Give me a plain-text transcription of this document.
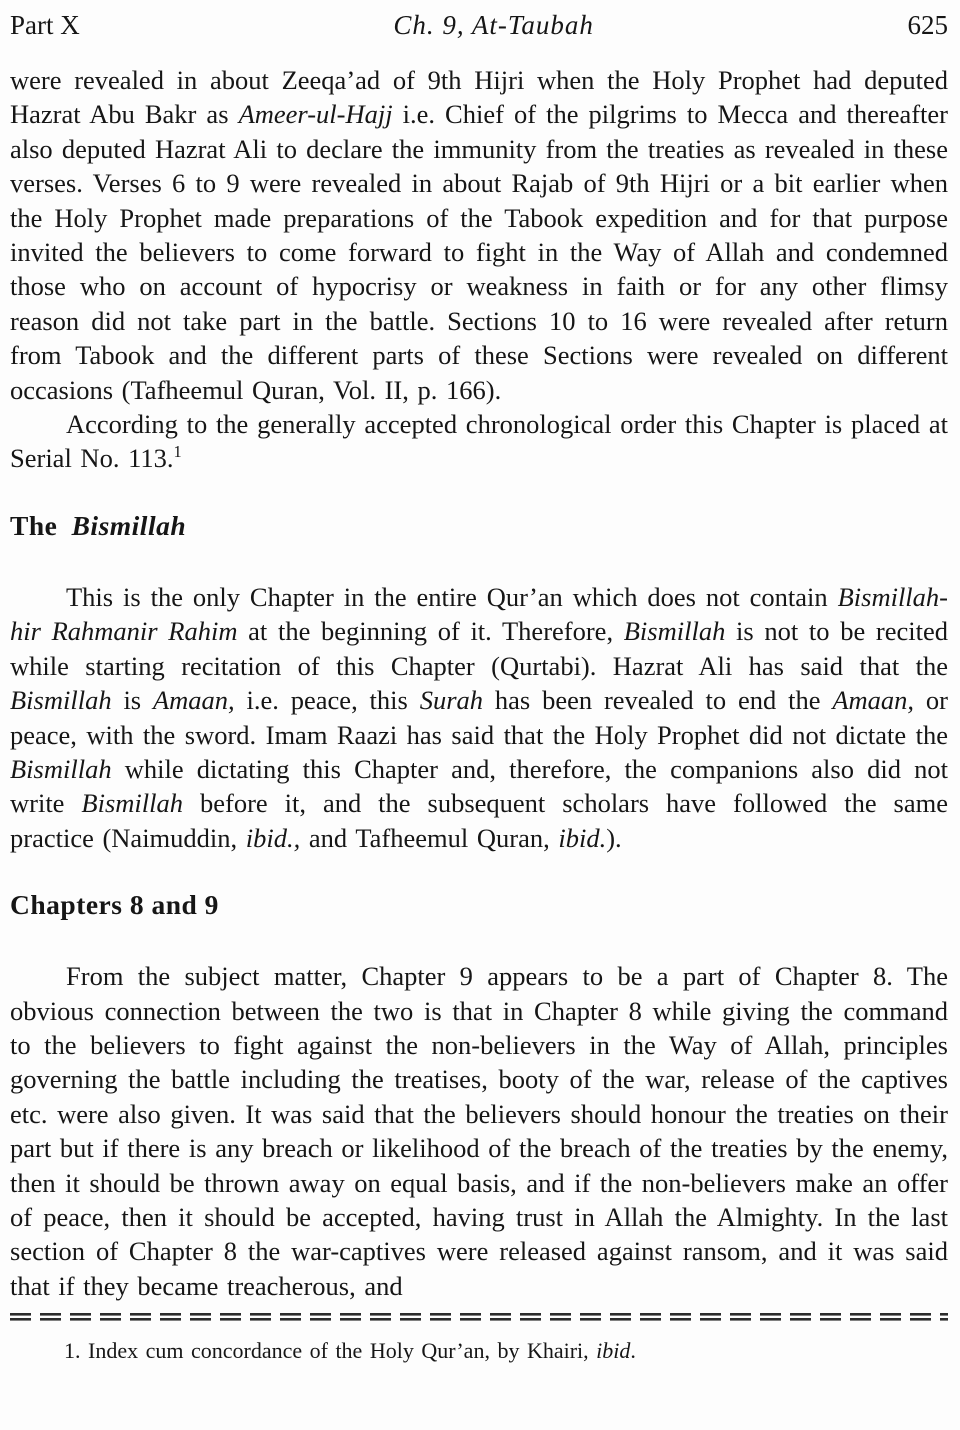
Part X	Ch. 9, At-Taubah	625

were revealed in about Zeeqa’ad of 9th Hijri when the Holy Prophet had deputed Hazrat Abu Bakr as Ameer-ul-Hajj i.e. Chief of the pilgrims to Mecca and thereafter also deputed Hazrat Ali to declare the immunity from the treaties as revealed in these verses. Verses 6 to 9 were revealed in about Rajab of 9th Hijri or a bit earlier when the Holy Prophet made preparations of the Tabook expedition and for that purpose invited the believers to come forward to fight in the Way of Allah and condemned those who on account of hypocrisy or weakness in faith or for any other flimsy reason did not take part in the battle. Sections 10 to 16 were revealed after return from Tabook and the different parts of these Sections were revealed on different occasions (Tafheemul Quran, Vol. II, p. 166).

According to the generally accepted chronological order this Chapter is placed at Serial No. 113.$^1$

The Bismillah

This is the only Chapter in the entire Qur’an which does not contain Bismillah-hir Rahmanir Rahim at the beginning of it. Therefore, Bismillah is not to be recited while starting recitation of this Chapter (Qurtabi). Hazrat Ali has said that the Bismillah is Amaan, i.e. peace, this Surah has been revealed to end the Amaan, or peace, with the sword. Imam Raazi has said that the Holy Prophet did not dictate the Bismillah while dictating this Chapter and, therefore, the companions also did not write Bismillah before it, and the subsequent scholars have followed the same practice (Naimuddin, ibid., and Tafheemul Quran, ibid.).

Chapters 8 and 9

From the subject matter, Chapter 9 appears to be a part of Chapter 8. The obvious connection between the two is that in Chapter 8 while giving the command to the believers to fight against the non-believers in the Way of Allah, principles governing the battle including the treatises, booty of the war, release of the captives etc. were also given. It was said that the believers should honour the treaties on their part but if there is any breach or likelihood of the breach of the treaties by the enemy, then it should be thrown away on equal basis, and if the non-believers make an offer of peace, then it should be accepted, having trust in Allah the Almighty. In the last section of Chapter 8 the war-captives were released against ransom, and it was said that if they became treacherous, and

1. Index cum concordance of the Holy Qur’an, by Khairi, ibid.
